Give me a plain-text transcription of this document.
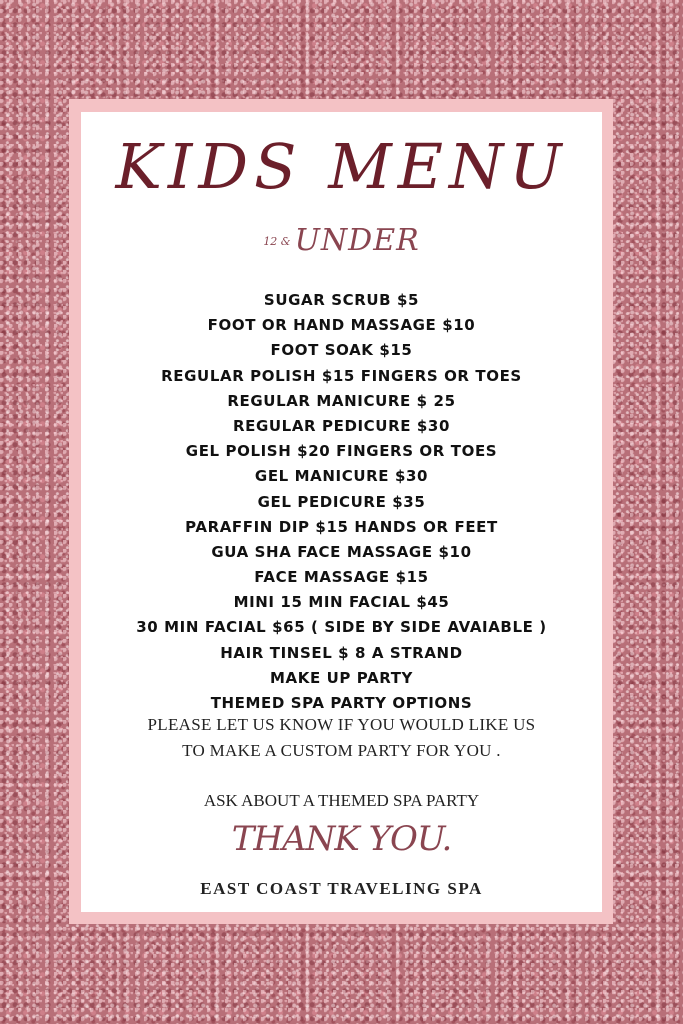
KIDS MENU
12 & UNDER
SUGAR SCRUB $5
FOOT OR HAND MASSAGE $10
FOOT SOAK $15
REGULAR POLISH $15 FINGERS OR TOES
REGULAR MANICURE $ 25
REGULAR PEDICURE $30
GEL POLISH $20 FINGERS OR TOES
GEL MANICURE $30
GEL PEDICURE $35
PARAFFIN DIP $15 HANDS OR FEET
GUA SHA FACE MASSAGE $10
FACE MASSAGE $15
MINI 15 MIN FACIAL $45
30 MIN FACIAL $65 ( SIDE BY SIDE AVAIABLE )
HAIR TINSEL $ 8 A STRAND
MAKE UP PARTY
THEMED SPA PARTY OPTIONS
PLEASE LET US KNOW IF YOU WOULD LIKE US
TO MAKE A CUSTOM PARTY FOR YOU .
ASK ABOUT A THEMED SPA PARTY
THANK YOU.
EAST COAST TRAVELING SPA
